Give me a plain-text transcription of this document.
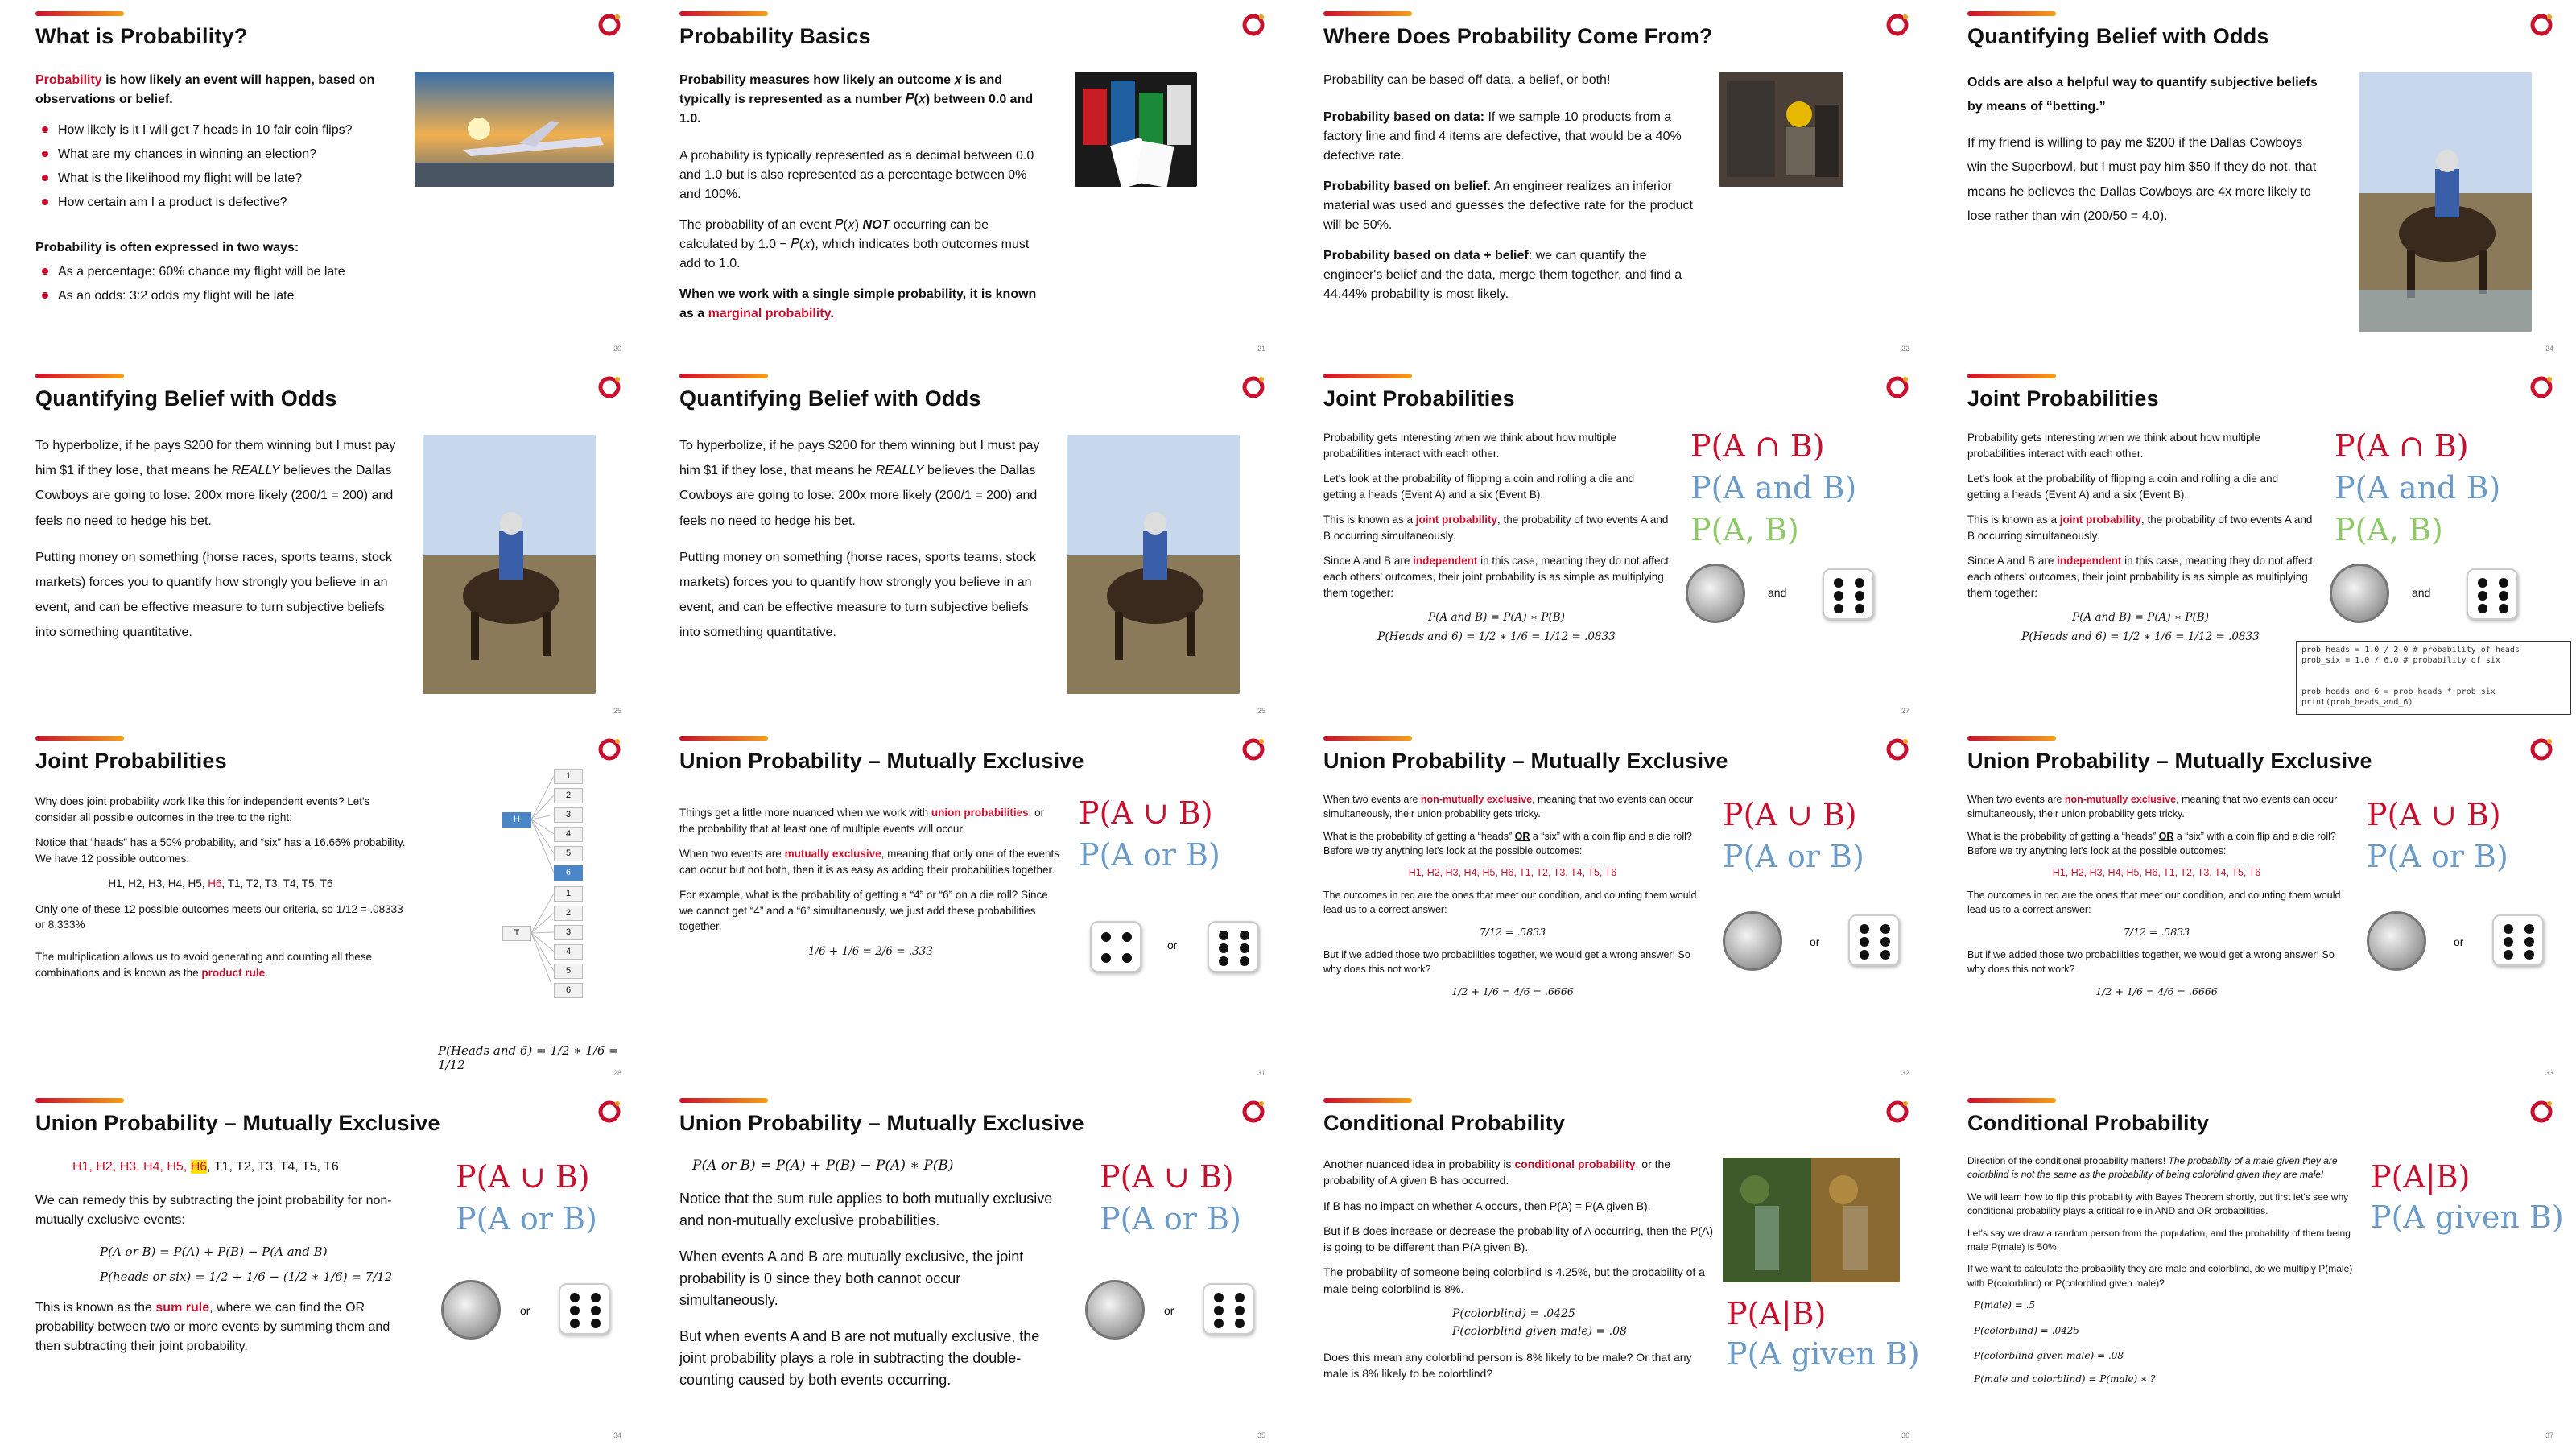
What is Probability?

Probability is how likely an event will happen, based on observations or belief.

How likely is it I will get 7 heads in 10 fair coin flips?
What are my chances in winning an election?
What is the likelihood my flight will be late?
How certain am I a product is defective?

Probability is often expressed in two ways:

As a percentage: 60% chance my flight will be late
As an odds: 3:2 odds my flight will be late
20
Probability Basics

Probability measures how likely an outcome 𝑥 is and typically is represented as a number 𝑃(𝑥) between 0.0 and 1.0.

A probability is typically represented as a decimal between 0.0 and 1.0 but is also represented as a percentage between 0% and 100%.

The probability of an event 𝑃(𝑥) NOT occurring can be calculated by 1.0 − 𝑃(𝑥), which indicates both outcomes must add to 1.0.

When we work with a single simple probability, it is known as a marginal probability.

21
Where Does Probability Come From?

Probability can be based off data, a belief, or both!

Probability based on data: If we sample 10 products from a factory line and find 4 items are defective, that would be a 40% defective rate.

Probability based on belief: An engineer realizes an inferior material was used and guesses the defective rate for the product will be 50%.

Probability based on data + belief: we can quantify the engineer's belief and the data, merge them together, and find a 44.44% probability is most likely.

22
Quantifying Belief with Odds

Odds are also a helpful way to quantify subjective beliefs by means of “betting.”

If my friend is willing to pay me $200 if the Dallas Cowboys win the Superbowl, but I must pay him $50 if they do not, that means he believes the Dallas Cowboys are 4x more likely to lose rather than win (200/50 = 4.0).

24
Quantifying Belief with Odds

To hyperbolize, if he pays $200 for them winning but I must pay him $1 if they lose, that means he REALLY believes the Dallas Cowboys are going to lose: 200x more likely (200/1 = 200) and feels no need to hedge his bet.

Putting money on something (horse races, sports teams, stock markets) forces you to quantify how strongly you believe in an event, and can be effective measure to turn subjective beliefs into something quantitative.

25
Quantifying Belief with Odds

To hyperbolize, if he pays $200 for them winning but I must pay him $1 if they lose, that means he REALLY believes the Dallas Cowboys are going to lose: 200x more likely (200/1 = 200) and feels no need to hedge his bet.

Putting money on something (horse races, sports teams, stock markets) forces you to quantify how strongly you believe in an event, and can be effective measure to turn subjective beliefs into something quantitative.

25
Joint Probabilities

Probability gets interesting when we think about how multiple probabilities interact with each other.

Let's look at the probability of flipping a coin and rolling a die and getting a heads (Event A) and a six (Event B).

This is known as a joint probability, the probability of two events A and B occurring simultaneously.

Since A and B are independent in this case, meaning they do not affect each others' outcomes, their joint probability is as simple as multiplying them together:

P(A and B) = P(A) ∗ P(B)

P(Heads and 6) = 1/2 ∗ 1/6 = 1/12 = .0833

P(A ∩ B)
P(A and B)
P(A, B)
and
27
Joint Probabilities

Probability gets interesting when we think about how multiple probabilities interact with each other.

Let's look at the probability of flipping a coin and rolling a die and getting a heads (Event A) and a six (Event B).

This is known as a joint probability, the probability of two events A and B occurring simultaneously.

Since A and B are independent in this case, meaning they do not affect each others' outcomes, their joint probability is as simple as multiplying them together:

P(A and B) = P(A) ∗ P(B)

P(Heads and 6) = 1/2 ∗ 1/6 = 1/12 = .0833

P(A ∩ B)
P(A and B)
P(A, B)
and
prob_heads = 1.0 / 2.0 # probability of heads
prob_six = 1.0 / 6.0 # probability of six

prob_heads_and_6 = prob_heads * prob_six
print(prob_heads_and_6)
Joint Probabilities

Why does joint probability work like this for independent events? Let's consider all possible outcomes in the tree to the right:

Notice that “heads” has a 50% probability, and “six” has a 16.66% probability. We have 12 possible outcomes:

H1, H2, H3, H4, H5, H6, T1, T2, T3, T4, T5, T6

Only one of these 12 possible outcomes meets our criteria, so 1/12 = .08333 or 8.333%

The multiplication allows us to avoid generating and counting all these combinations and is known as the product rule.

H
T
1
2
3
4
5
6
1
2
3
4
5
6
P(Heads and 6) = 1/2 ∗ 1/6 = 1/12
28
Union Probability – Mutually Exclusive

Things get a little more nuanced when we work with union probabilities, or the probability that at least one of multiple events will occur.

When two events are mutually exclusive, meaning that only one of the events can occur but not both, then it is as easy as adding their probabilities together.

For example, what is the probability of getting a “4” or “6” on a die roll? Since we cannot get “4” and a “6” simultaneously, we just add these probabilities together.

1/6 + 1/6 = 2/6 = .333

P(A ∪ B)
P(A or B)
or
31
Union Probability – Mutually Exclusive

When two events are non-mutually exclusive, meaning that two events can occur simultaneously, their union probability gets tricky.

What is the probability of getting a “heads” OR a “six” with a coin flip and a die roll? Before we try anything let's look at the possible outcomes:

H1, H2, H3, H4, H5, H6, T1, T2, T3, T4, T5, T6

The outcomes in red are the ones that meet our condition, and counting them would lead us to a correct answer:

7/12 = .5833

But if we added those two probabilities together, we would get a wrong answer! So why does this not work?

1/2 + 1/6 = 4/6 = .6666

P(A ∪ B)
P(A or B)
or
32
Union Probability – Mutually Exclusive

When two events are non-mutually exclusive, meaning that two events can occur simultaneously, their union probability gets tricky.

What is the probability of getting a “heads” OR a “six” with a coin flip and a die roll? Before we try anything let's look at the possible outcomes:

H1, H2, H3, H4, H5, H6, T1, T2, T3, T4, T5, T6

The outcomes in red are the ones that meet our condition, and counting them would lead us to a correct answer:

7/12 = .5833

But if we added those two probabilities together, we would get a wrong answer! So why does this not work?

1/2 + 1/6 = 4/6 = .6666

P(A ∪ B)
P(A or B)
or
33
Union Probability – Mutually Exclusive

H1, H2, H3, H4, H5, H6, T1, T2, T3, T4, T5, T6

We can remedy this by subtracting the joint probability for non-mutually exclusive events:

P(A or B) = P(A) + P(B) − P(A and B)

P(heads or six) = 1/2 + 1/6 − (1/2 ∗ 1/6) = 7/12

This is known as the sum rule, where we can find the OR probability between two or more events by summing them and then subtracting their joint probability.

P(A ∪ B)
P(A or B)
or
34
Union Probability – Mutually Exclusive
P(A or B) = P(A) + P(B) − P(A) ∗ P(B)

Notice that the sum rule applies to both mutually exclusive and non-mutually exclusive probabilities.

When events A and B are mutually exclusive, the joint probability is 0 since they both cannot occur simultaneously.

But when events A and B are not mutually exclusive, the joint probability plays a role in subtracting the double-counting caused by both events occurring.

P(A ∪ B)
P(A or B)
or
35
Conditional Probability

Another nuanced idea in probability is conditional probability, or the probability of A given B has occurred.

If B has no impact on whether A occurs, then P(A) = P(A given B).

But if B does increase or decrease the probability of A occurring, then the P(A) is going to be different than P(A given B).

The probability of someone being colorblind is 4.25%, but the probability of a male being colorblind is 8%.

P(colorblind) = .0425

P(colorblind given male) = .08

Does this mean any colorblind person is 8% likely to be male? Or that any male is 8% likely to be colorblind?

P(A|B)
P(A given B)
36
Conditional Probability

Direction of the conditional probability matters! The probability of a male given they are colorblind is not the same as the probability of being colorblind given they are male!

We will learn how to flip this probability with Bayes Theorem shortly, but first let's see why conditional probability plays a critical role in AND and OR probabilities.

Let's say we draw a random person from the population, and the probability of them being male P(male) is 50%.

If we want to calculate the probability they are male and colorblind, do we multiply P(male) with P(colorblind) or P(colorblind given male)?

P(male) = .5

P(colorblind) = .0425

P(colorblind given male) = .08

P(male and colorblind) = P(male) ∗ ?

P(A|B)
P(A given B)
37
